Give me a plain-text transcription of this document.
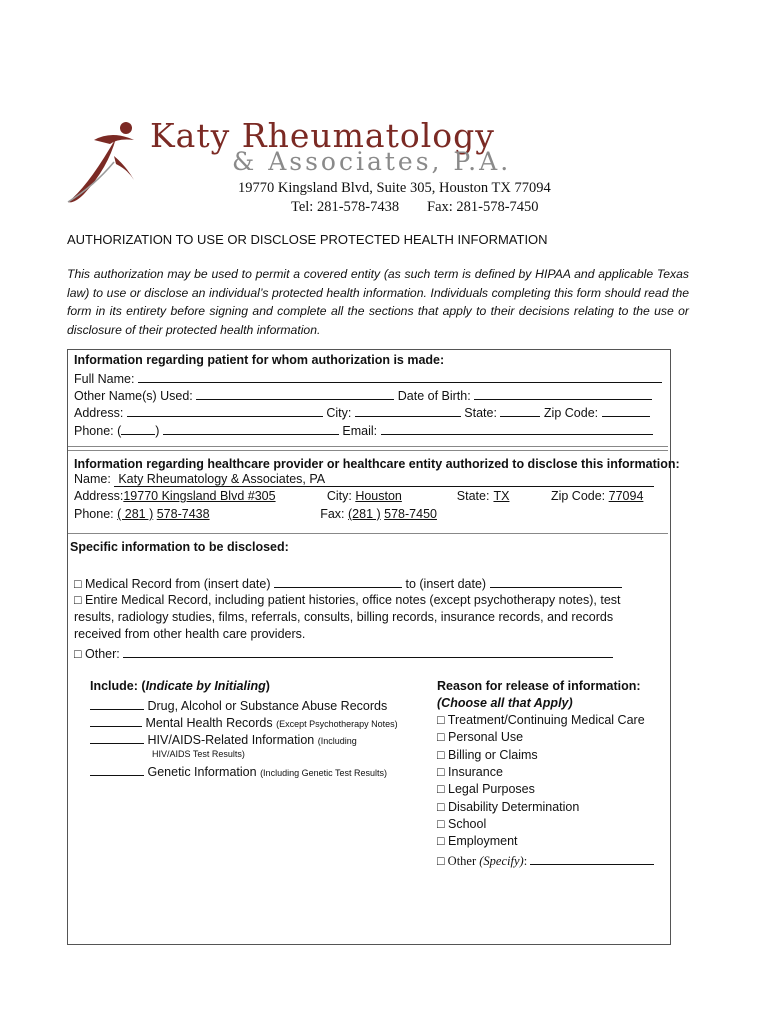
Katy Rheumatology
& Associates, P.A.
19770 Kingsland Blvd, Suite 305, Houston TX 77094
Tel: 281-578-7438 Fax: 281-578-7450
AUTHORIZATION TO USE OR DISCLOSE PROTECTED HEALTH INFORMATION
This authorization may be used to permit a covered entity (as such term is defined by HIPAA and applicable Texas law) to use or disclose an individual’s protected health information. Individuals completing this form should read the form in its entirety before signing and complete all the sections that apply to their decisions relating to the use or disclosure of their protected health information.
Information regarding patient for whom authorization is made:
Full Name:
Other Name(s) Used:	Date of Birth:
Address:	City:	State:	Zip Code:
Phone: (	)	Email:
Information regarding healthcare provider or healthcare entity authorized to disclose this information:
Name: Katy Rheumatology & Associates, PA
Address:19770 Kingsland Blvd #305	City: Houston	State: TX	Zip Code: 77094
Phone: ( 281 ) 578-7438	Fax: (281 ) 578-7450
Specific information to be disclosed:
□ Medical Record from (insert date)	to (insert date)
□ Entire Medical Record, including patient histories, office notes (except psychotherapy notes), test
results, radiology studies, films, referrals, consults, billing records, insurance records, and records
received from other health care providers.
□ Other:
Include: (Indicate by Initialing)
Drug, Alcohol or Substance Abuse Records
Mental Health Records (Except Psychotherapy Notes)
HIV/AIDS-Related Information (Including
HIV/AIDS Test Results)
Genetic Information (Including Genetic Test Results)
Reason for release of information:
(Choose all that Apply)
□ Treatment/Continuing Medical Care
□ Personal Use
□ Billing or Claims
□ Insurance
□ Legal Purposes
□ Disability Determination
□ School
□ Employment
□ Other (Specify):
